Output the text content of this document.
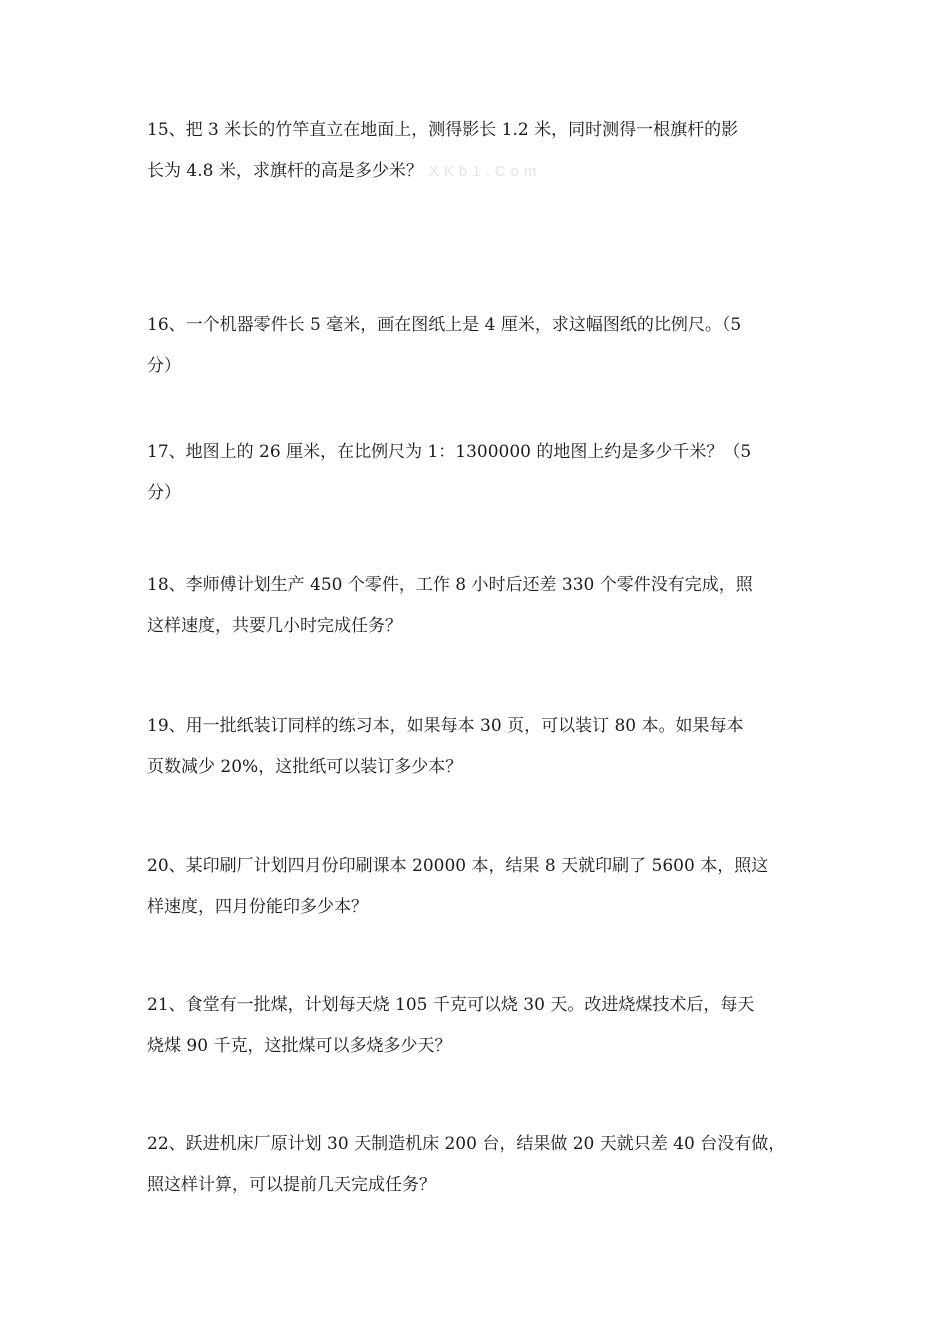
15、把 3 米长的竹竿直立在地面上，测得影长 1.2 米，同时测得一根旗杆的影
长为 4.8 米，求旗杆的高是多少米？ XKb1.Com
16、一个机器零件长 5 毫米，画在图纸上是 4 厘米，求这幅图纸的比例尺。（5
分）
17、地图上的 26 厘米，在比例尺为 1：1300000 的地图上约是多少千米？（5
分）
18、李师傅计划生产 450 个零件，工作 8 小时后还差 330 个零件没有完成，照
这样速度，共要几小时完成任务？
19、用一批纸装订同样的练习本，如果每本 30 页，可以装订 80 本。如果每本
页数减少 20%，这批纸可以装订多少本？
20、某印刷厂计划四月份印刷课本 20000 本，结果 8 天就印刷了 5600 本，照这
样速度，四月份能印多少本？
21、食堂有一批煤，计划每天烧 105 千克可以烧 30 天。改进烧煤技术后，每天
烧煤 90 千克，这批煤可以多烧多少天？
22、跃进机床厂原计划 30 天制造机床 200 台，结果做 20 天就只差 40 台没有做，
照这样计算，可以提前几天完成任务？
